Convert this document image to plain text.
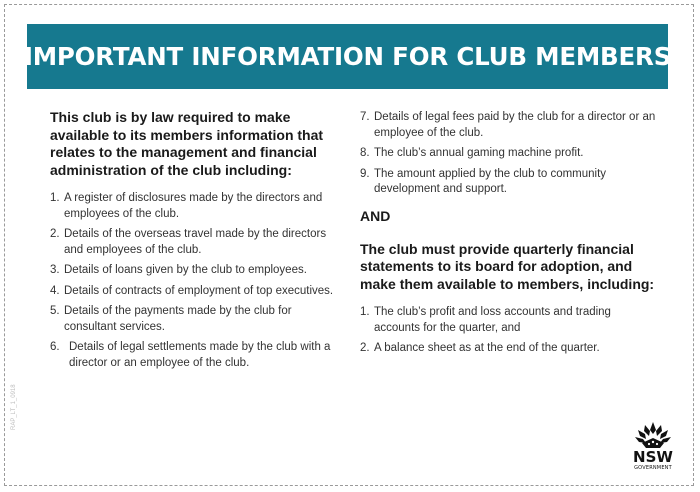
IMPORTANT INFORMATION FOR CLUB MEMBERS

This club is by law required to make available to its members information that relates to the management and financial administration of the club including:

1. A register of disclosures made by the directors and employees of the club.
2. Details of the overseas travel made by the directors and employees of the club.
3. Details of loans given by the club to employees.
4. Details of contracts of employment of top executives.
5. Details of the payments made by the club for consultant services.
6. Details of legal settlements made by the club with a director or an employee of the club.
7. Details of legal fees paid by the club for a director or an employee of the club.
8. The club’s annual gaming machine profit.
9. The amount applied by the club to community development and support.
AND

The club must provide quarterly financial statements to its board for adoption, and make them available to members, including:

1. The club’s profit and loss accounts and trading accounts for the quarter, and
2. A balance sheet as at the end of the quarter.
RAP_LT_1_0918
NSW
GOVERNMENT
